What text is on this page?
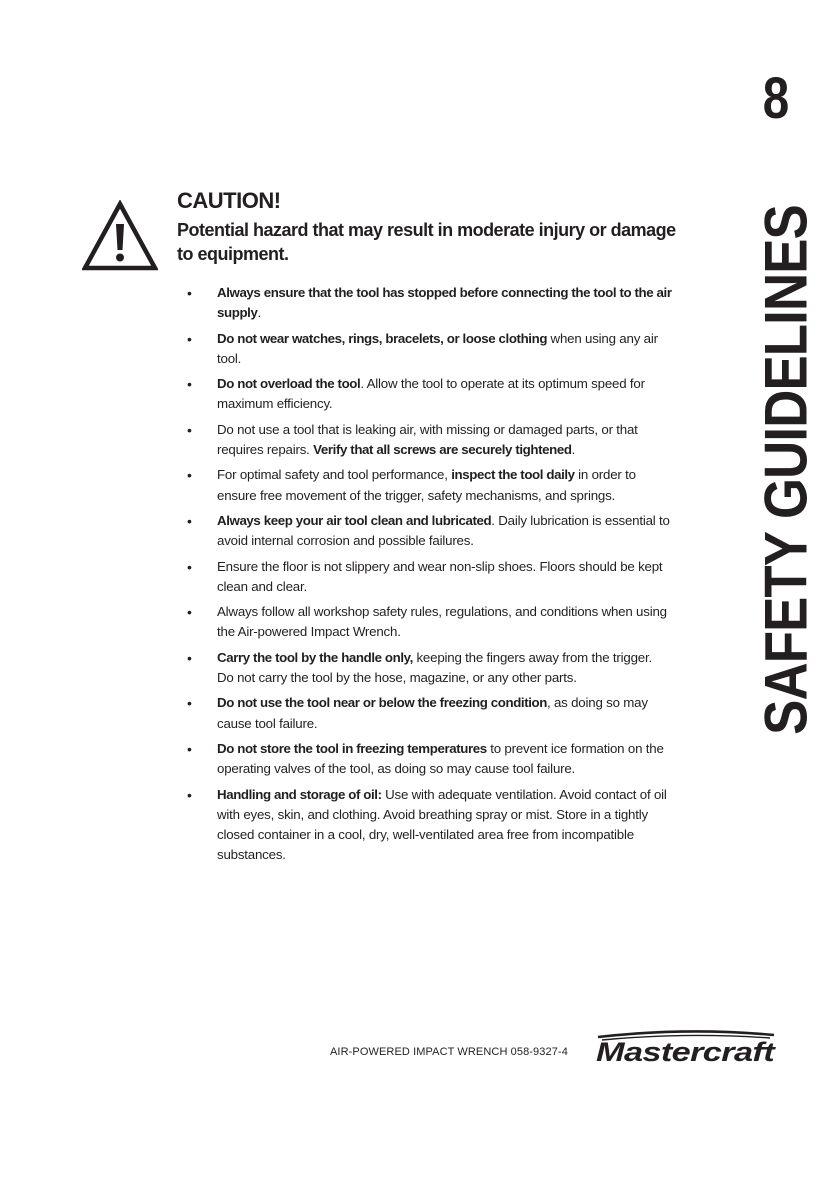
8
SAFETY GUIDELINES
CAUTION!

Potential hazard that may result in moderate injury or damage to equipment.

• Always ensure that the tool has stopped before connecting the tool to the air supply.
• Do not wear watches, rings, bracelets, or loose clothing when using any air tool.
• Do not overload the tool. Allow the tool to operate at its optimum speed for maximum efficiency.
• Do not use a tool that is leaking air, with missing or damaged parts, or that requires repairs. Verify that all screws are securely tightened.
• For optimal safety and tool performance, inspect the tool daily in order to ensure free movement of the trigger, safety mechanisms, and springs.
• Always keep your air tool clean and lubricated. Daily lubrication is essential to avoid internal corrosion and possible failures.
• Ensure the floor is not slippery and wear non-slip shoes. Floors should be kept clean and clear.
• Always follow all workshop safety rules, regulations, and conditions when using the Air-powered Impact Wrench.
• Carry the tool by the handle only, keeping the fingers away from the trigger. Do not carry the tool by the hose, magazine, or any other parts.
• Do not use the tool near or below the freezing condition, as doing so may cause tool failure.
• Do not store the tool in freezing temperatures to prevent ice formation on the operating valves of the tool, as doing so may cause tool failure.
• Handling and storage of oil: Use with adequate ventilation. Avoid contact of oil with eyes, skin, and clothing. Avoid breathing spray or mist. Store in a tightly closed container in a cool, dry, well-ventilated area free from incompatible substances.
AIR-POWERED IMPACT WRENCH 058-9327-4 Mastercraft
